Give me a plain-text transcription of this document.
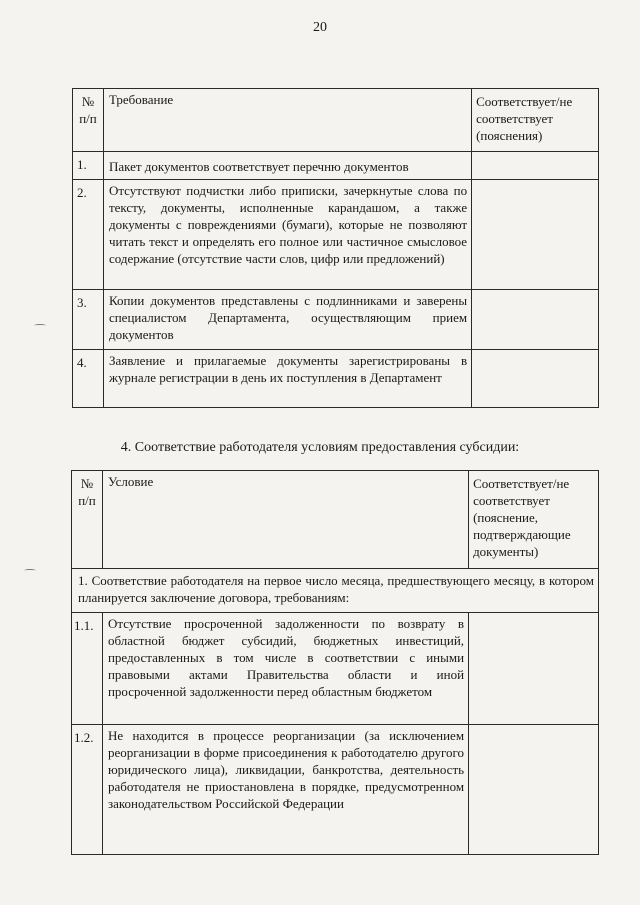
20
№ п/п	Требование	Соответствует/не соответствует (пояснения)
1.	Пакет документов соответствует перечню документов	
2.	Отсутствуют подчистки либо приписки, зачеркнутые слова по тексту, документы, исполненные карандашом, а также документы с повреждениями (бумаги), которые не позволяют читать текст и определять его полное или частичное смысловое содержание (отсутствие части слов, цифр или предложений)	
3.	Копии документов представлены с подлинниками и заверены специалистом Департамента, осуществляющим прием документов	
4.	Заявление и прилагаемые документы зарегистрированы в журнале регистрации в день их поступления в Департамент	
4. Соответствие работодателя условиям предоставления субсидии:
№ п/п	Условие	Соответствует/не соответствует (пояснение, подтверждающие документы)
1. Соответствие работодателя на первое число месяца, предшествующего месяцу, в котором планируется заключение договора, требованиям:		
1.1.	Отсутствие просроченной задолженности по возврату в областной бюджет субсидий, бюджетных инвестиций, предоставленных в том числе в соответствии с иными правовыми актами Правительства области и иной просроченной задолженности перед областным бюджетом	
1.2.	Не находится в процессе реорганизации (за исключением реорганизации в форме присоединения к работодателю другого юридического лица), ликвидации, банкротства, деятельность работодателя не приостановлена в порядке, предусмотренном законодательством Российской Федерации	
